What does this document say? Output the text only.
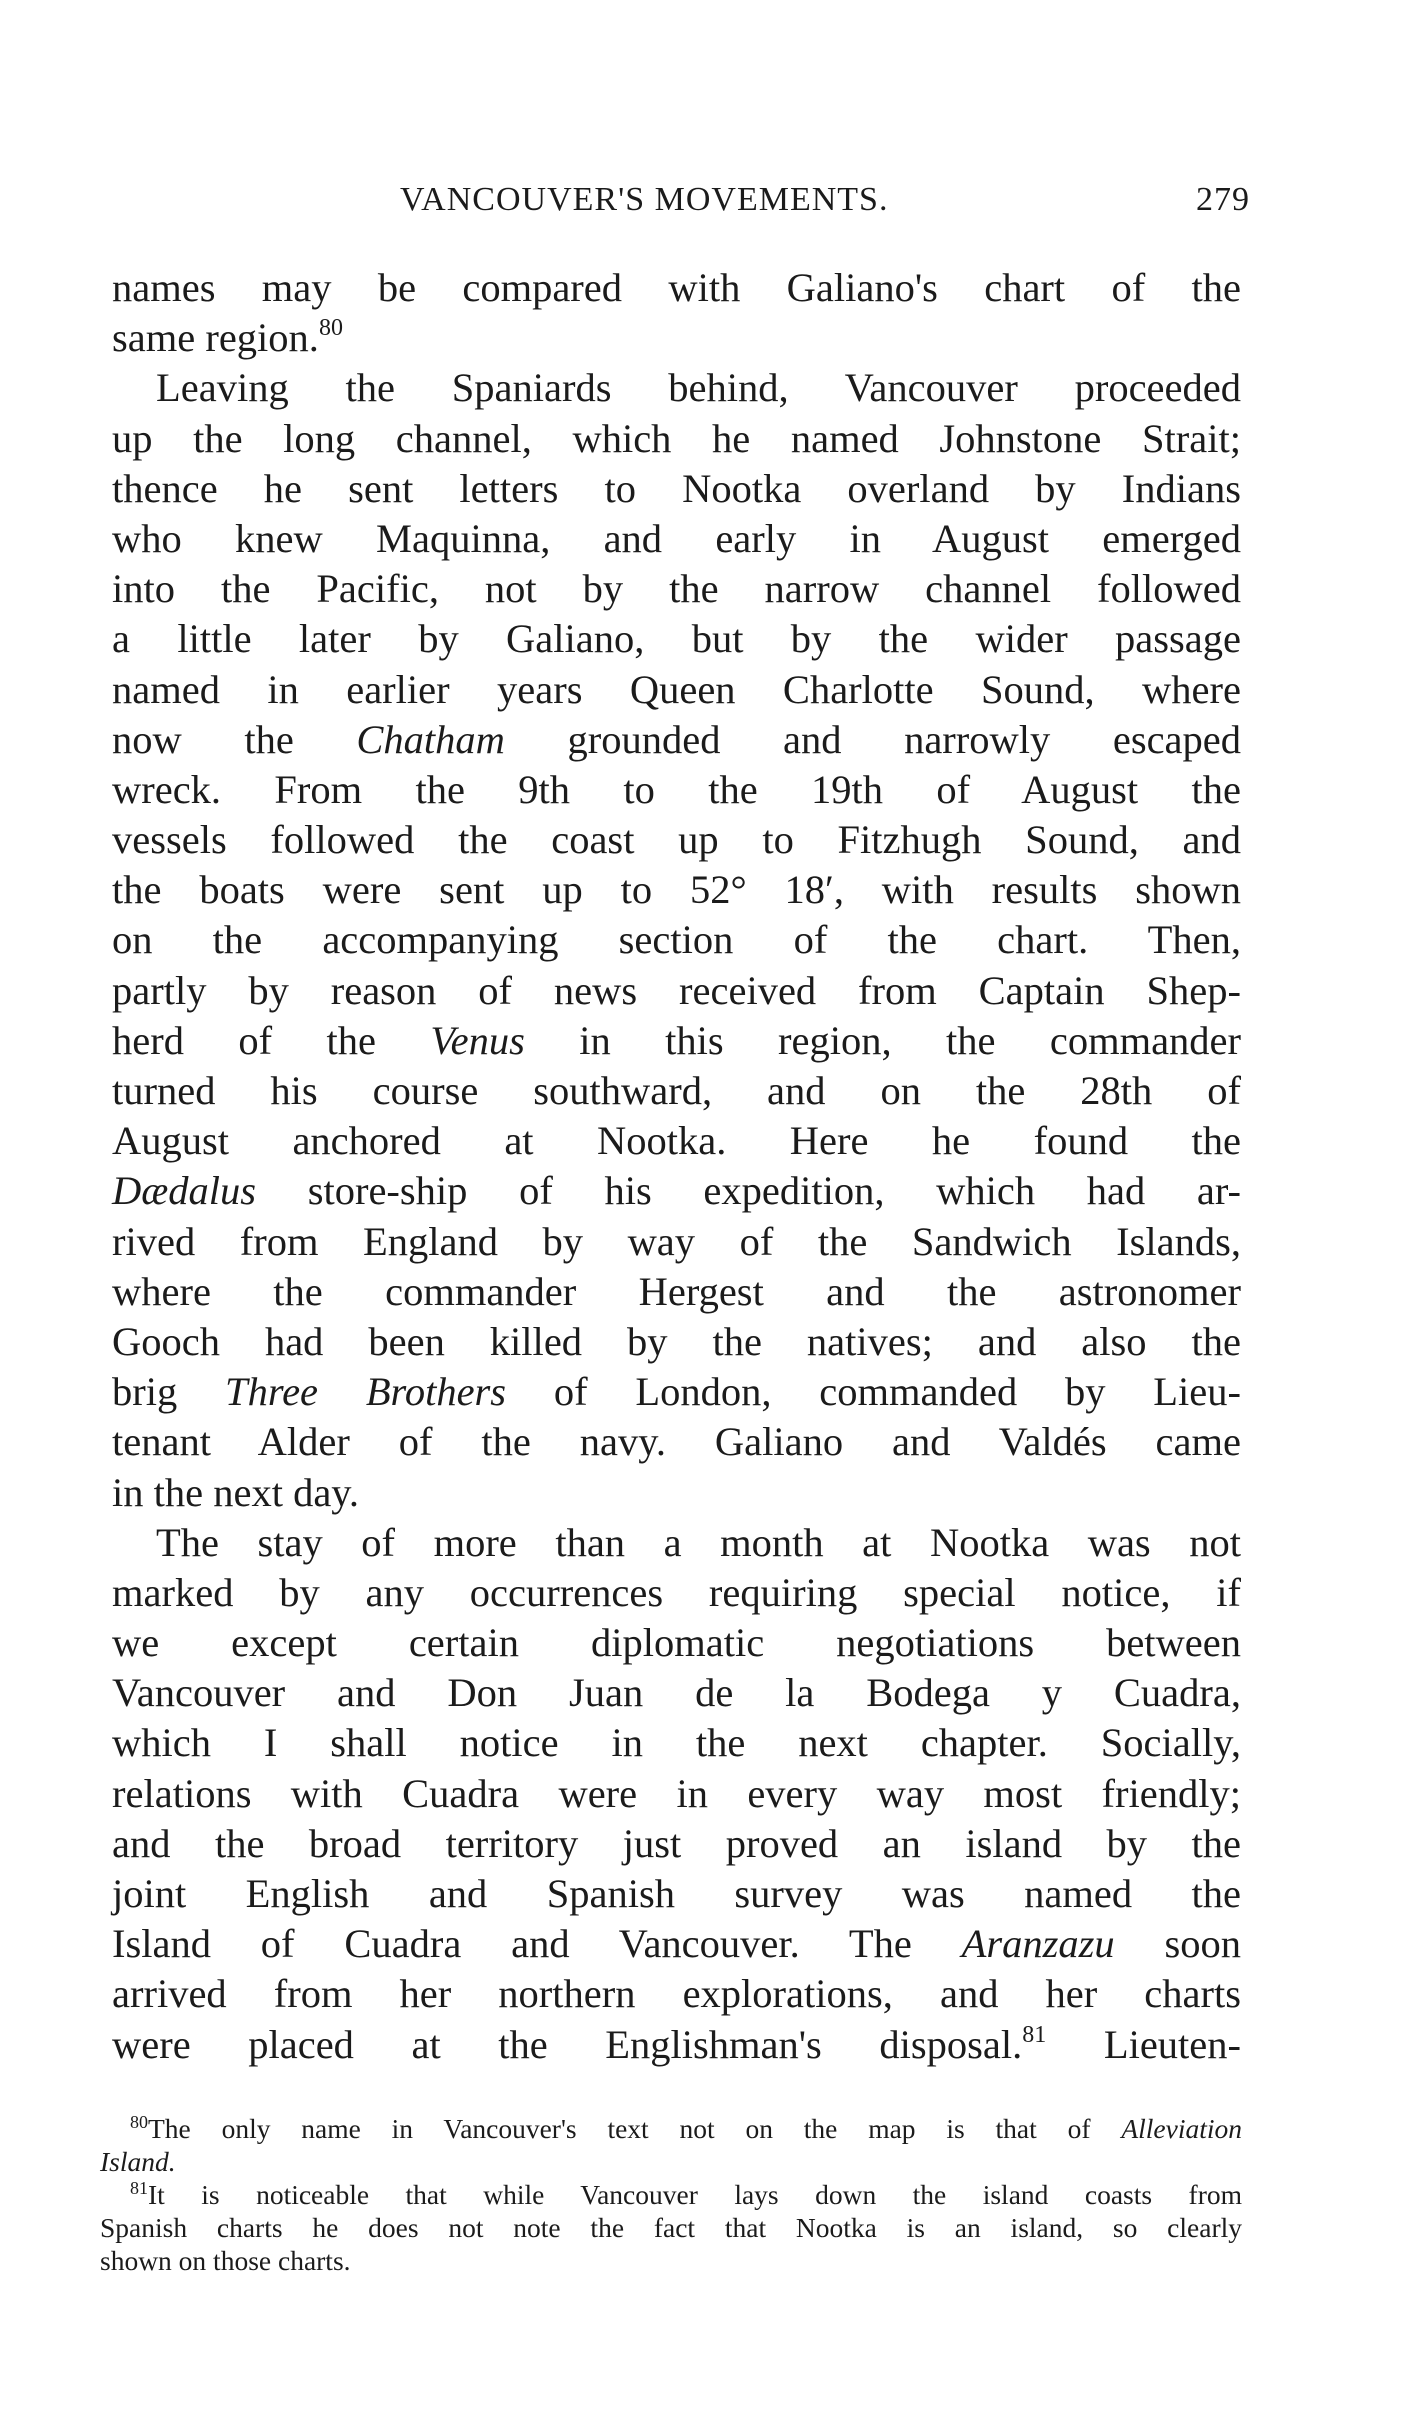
VANCOUVER'S MOVEMENTS.	279
names may be compared with Galiano's chart of the
same region.$^{80}$
Leaving the Spaniards behind, Vancouver proceeded
up the long channel, which he named Johnstone Strait;
thence he sent letters to Nootka overland by Indians
who knew Maquinna, and early in August emerged
into the Pacific, not by the narrow channel followed
a little later by Galiano, but by the wider passage
named in earlier years Queen Charlotte Sound, where
now the Chatham grounded and narrowly escaped
wreck. From the 9th to the 19th of August the
vessels followed the coast up to Fitzhugh Sound, and
the boats were sent up to 52° 18′, with results shown
on the accompanying section of the chart. Then,
partly by reason of news received from Captain Shep-
herd of the Venus in this region, the commander
turned his course southward, and on the 28th of
August anchored at Nootka. Here he found the
Dædalus store-ship of his expedition, which had ar-
rived from England by way of the Sandwich Islands,
where the commander Hergest and the astronomer
Gooch had been killed by the natives; and also the
brig Three Brothers of London, commanded by Lieu-
tenant Alder of the navy. Galiano and Valdés came
in the next day.
The stay of more than a month at Nootka was not
marked by any occurrences requiring special notice, if
we except certain diplomatic negotiations between
Vancouver and Don Juan de la Bodega y Cuadra,
which I shall notice in the next chapter. Socially,
relations with Cuadra were in every way most friendly;
and the broad territory just proved an island by the
joint English and Spanish survey was named the
Island of Cuadra and Vancouver. The Aranzazu soon
arrived from her northern explorations, and her charts
were placed at the Englishman's disposal.$^{81}$ Lieuten-
$^{80}$The only name in Vancouver's text not on the map is that of Alleviation
Island.
$^{81}$It is noticeable that while Vancouver lays down the island coasts from
Spanish charts he does not note the fact that Nootka is an island, so clearly
shown on those charts.
